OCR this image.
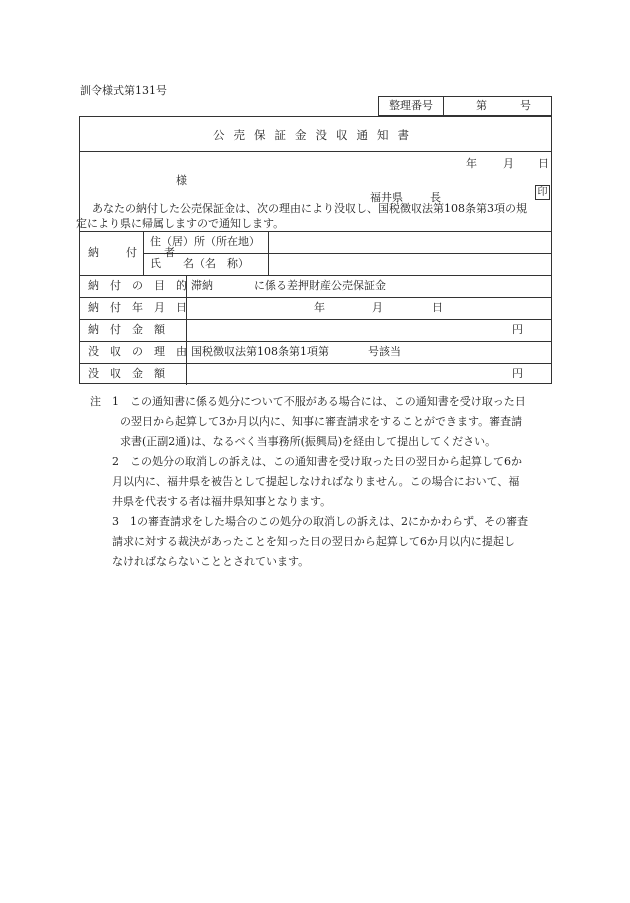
訓令様式第131号
整理番号	第	号
公売保証金没収通知書
年 月 日
様
福井県 長	印
あなたの納付した公売保証金は、次の理由により没収し、国税徴収法第108条第3項の規
定により県に帰属しますので通知します。
納　付　者
住（居）所（所在地）
氏　　名（名　称）
納　付　の　目　的 滞納	に係る差押財産公売保証金
納　付　年　月　日	年	月	日
納　付　金　額	円
没　収　の　理　由 国税徴収法第108条第1項第	号該当
没　収　金　額	円
注 1　この通知書に係る処分について不服がある場合には、この通知書を受け取った日
の翌日から起算して3か月以内に、知事に審査請求をすることができます。審査請
求書(正副2通)は、なるべく当事務所(振興局)を経由して提出してください。
2　この処分の取消しの訴えは、この通知書を受け取った日の翌日から起算して6か
月以内に、福井県を被告として提起しなければなりません。この場合において、福
井県を代表する者は福井県知事となります。
3　1の審査請求をした場合のこの処分の取消しの訴えは、2にかかわらず、その審査
請求に対する裁決があったことを知った日の翌日から起算して6か月以内に提起し
なければならないこととされています。
